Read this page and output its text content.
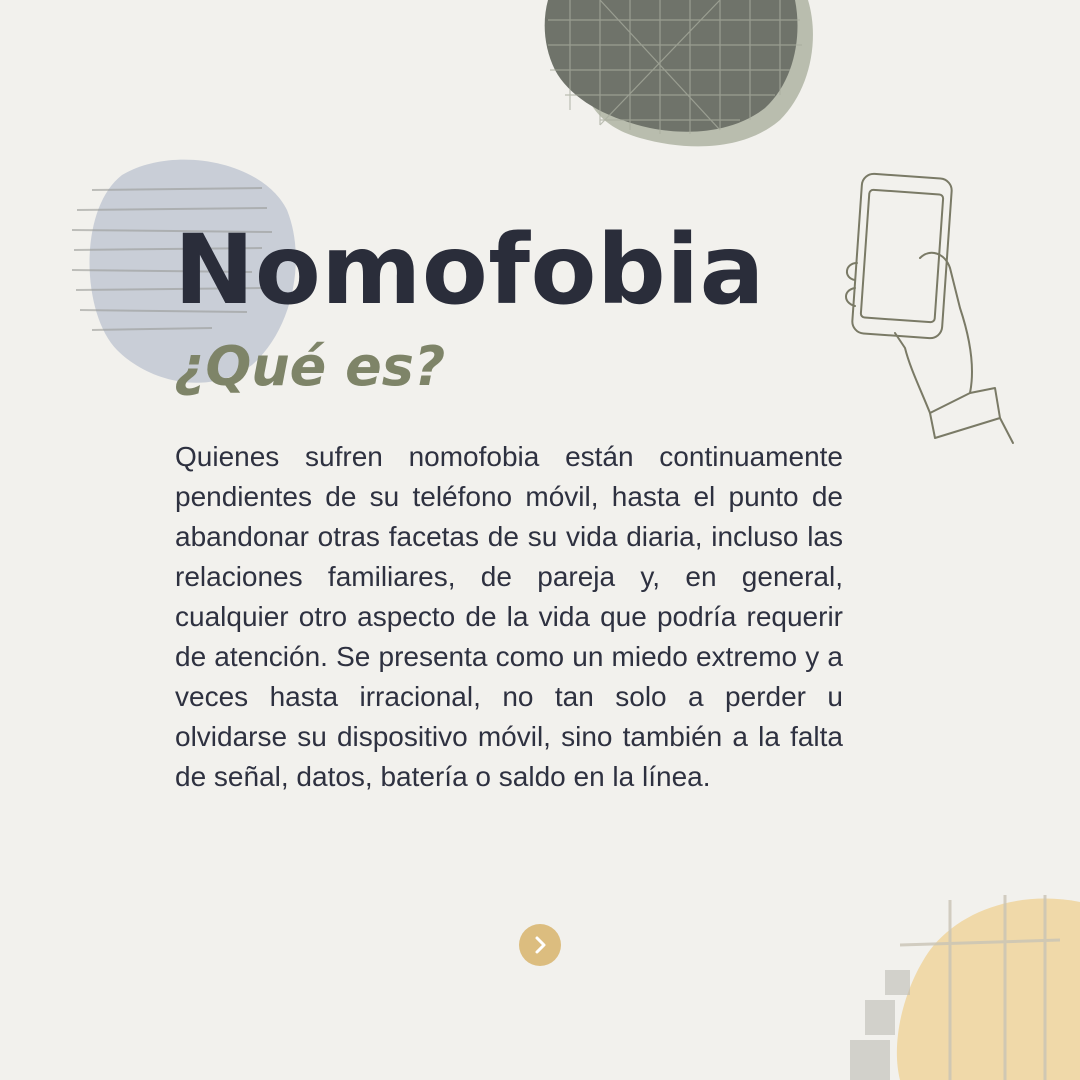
Nomofobia
¿Qué es?

Quienes sufren nomofobia están continuamente pendientes de su teléfono móvil, hasta el punto de abandonar otras facetas de su vida diaria, incluso las relaciones familiares, de pareja y, en general, cualquier otro aspecto de la vida que podría requerir de atención. Se presenta como un miedo extremo y a veces hasta irracional, no tan solo a perder u olvidarse su dispositivo móvil, sino también a la falta de señal, datos, batería o saldo en la línea.
